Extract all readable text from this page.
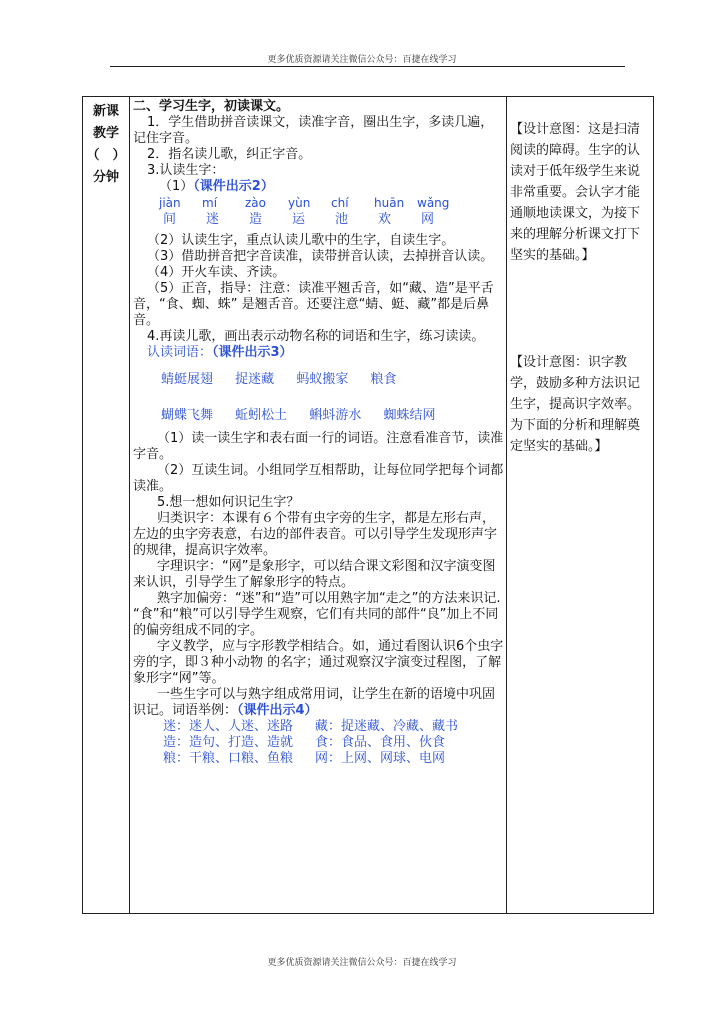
更多优质资源请关注微信公众号：百捷在线学习
新课
教学
（　）
分钟

二、学习生字，初读课文。

1．学生借助拼音读课文，读准字音，圈出生字，多读几遍，记住字音。

2．指名读儿歌，纠正字音。

3.认读生字：

（1）（课件出示2）

jiàn	mí	zào	yùn	chí	huān	wǎng
间	迷	造	运	池	欢	网

（2）认读生字，重点认读儿歌中的生字，自读生字。

（3）借助拼音把字音读准，读带拼音认读，去掉拼音认读。

（4）开火车读、齐读。

（5）正音，指导：注意：读准平翘舌音，如“藏、造”是平舌音，“食、蜘、蛛” 是翘舌音。还要注意“蜻、蜓、藏”都是后鼻音。

4.再读儿歌，画出表示动物名称的词语和生字，练习读读。

认读词语：（课件出示3）

蜻蜓展翅 捉迷藏 蚂蚁搬家 粮食
蝴蝶飞舞 蚯蚓松土 蝌蚪游水 蜘蛛结网

（1）读一读生字和表右面一行的词语。注意看准音节，读准字音。

（2）互读生词。小组同学互相帮助，让每位同学把每个词都读准。

5.想一想如何识记生字？

归类识字：本课有６个带有虫字旁的生字，都是左形右声，左边的虫字旁表意，右边的部件表音。可以引导学生发现形声字的规律，提高识字效率。

字理识字：“网”是象形字，可以结合课文彩图和汉字演变图来认识，引导学生了解象形字的特点。

熟字加偏旁：“迷”和“造”可以用熟字加“走之”的方法来识记. “食”和“粮”可以引导学生观察，它们有共同的部件“良”加上不同的偏旁组成不同的字。

字义教学，应与字形教学相结合。如，通过看图认识6个虫字旁的字，即３种小动物 的名字；通过观察汉字演变过程图，了解象形字“网”等。

一些生字可以与熟字组成常用词，让学生在新的语境中巩固识记。词语举例：（课件出示4）

迷：迷人、人迷、迷路	藏：捉迷藏、冷藏、藏书
造：造句、打造、造就	食：食品、食用、伙食
粮：干粮、口粮、鱼粮	网：上网、网球、电网

【设计意图：这是扫清阅读的障碍。生字的认读对于低年级学生来说非常重要。会认字才能通顺地读课文，为接下来的理解分析课文打下坚实的基础。】

【设计意图：识字教学，鼓励多种方法识记生字，提高识字效率。为下面的分析和理解奠定坚实的基础。】

更多优质资源请关注微信公众号：百捷在线学习
